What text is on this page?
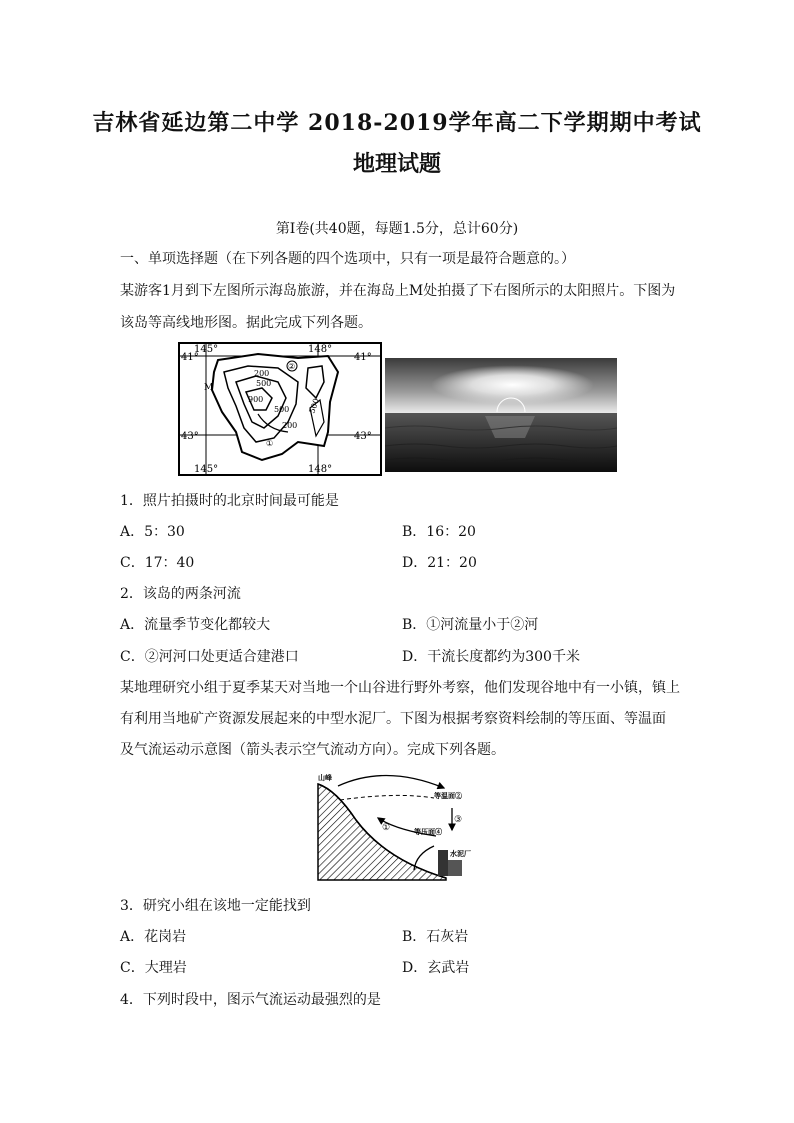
吉林省延边第二中学 2018-2019学年高二下学期期中考试
地理试题
第Ⅰ卷(共40题，每题1.5分，总计60分)
一、单项选择题（在下列各题的四个选项中，只有一项是最符合题意的。）
某游客1月到下左图所示海岛旅游，并在海岛上M处拍摄了下右图所示的太阳照片。下图为
该岛等高线地形图。据此完成下列各题。
41°	41°
43°	43°
145°	148°
145°	148°
M
②
①
200
500
900
500
200
500
1．照片拍摄时的北京时间最可能是
A．5：30	B．16：20
C．17：40	D．21：20
2．该岛的两条河流
A．流量季节变化都较大	B．①河流量小于②河
C．②河河口处更适合建港口	D．干流长度都约为300千米
某地理研究小组于夏季某天对当地一个山谷进行野外考察，他们发现谷地中有一小镇，镇上
有利用当地矿产资源发展起来的中型水泥厂。下图为根据考察资料绘制的等压面、等温面
及气流运动示意图（箭头表示空气流动方向）。完成下列各题。
山峰
等温面②
③
等压面④
①
水泥厂
3．研究小组在该地一定能找到
A．花岗岩	B．石灰岩
C．大理岩	D．玄武岩
4．下列时段中，图示气流运动最强烈的是
